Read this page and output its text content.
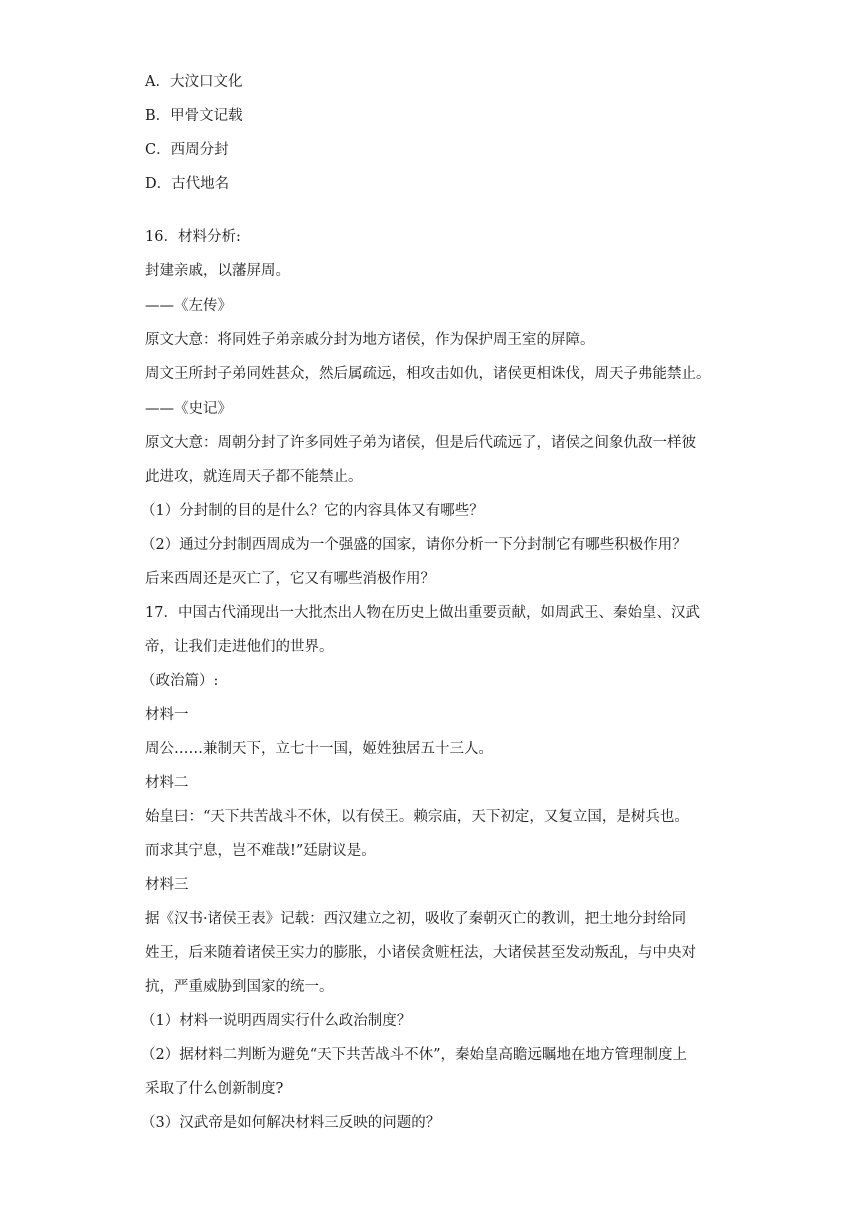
A．大汶口文化
B．甲骨文记载
C．西周分封
D．古代地名
16．材料分析:
封建亲戚，以藩屏周。
——《左传》
原文大意：将同姓子弟亲戚分封为地方诸侯，作为保护周王室的屏障。
周文王所封子弟同姓甚众，然后属疏远，相攻击如仇，诸侯更相诛伐，周天子弗能禁止。
——《史记》
原文大意：周朝分封了许多同姓子弟为诸侯，但是后代疏远了，诸侯之间象仇敌一样彼
此进攻，就连周天子都不能禁止。
（1）分封制的目的是什么？它的内容具体又有哪些？
（2）通过分封制西周成为一个强盛的国家，请你分析一下分封制它有哪些积极作用？
后来西周还是灭亡了，它又有哪些消极作用？
17．中国古代涌现出一大批杰出人物在历史上做出重要贡献，如周武王、秦始皇、汉武
帝，让我们走进他们的世界。
（政治篇）:
材料一
周公……兼制天下，立七十一国，姬姓独居五十三人。
材料二
始皇曰：“天下共苦战斗不休，以有侯王。赖宗庙，天下初定，又复立国，是树兵也。
而求其宁息，岂不难哉!”廷尉议是。
材料三
据《汉书·诸侯王表》记载：西汉建立之初，吸收了秦朝灭亡的教训，把土地分封给同
姓王，后来随着诸侯王实力的膨胀，小诸侯贪赃枉法，大诸侯甚至发动叛乱，与中央对
抗，严重威胁到国家的统一。
（1）材料一说明西周实行什么政治制度？
（2）据材料二判断为避免“天下共苦战斗不休”，秦始皇高瞻远瞩地在地方管理制度上
采取了什么创新制度?
（3）汉武帝是如何解决材料三反映的问题的？
